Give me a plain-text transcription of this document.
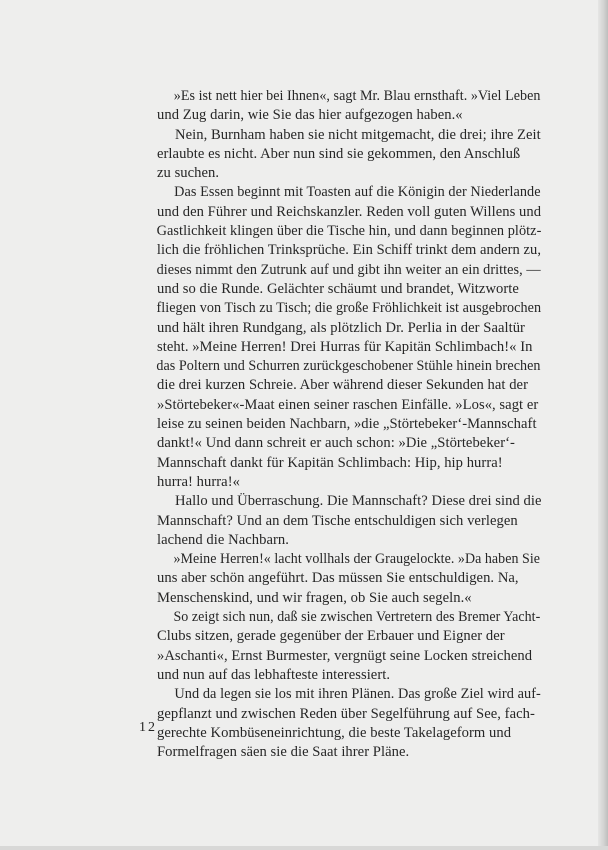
»Es ist nett hier bei Ihnen«, sagt Mr. Blau ernsthaft. »Viel Leben
und Zug darin, wie Sie das hier aufgezogen haben.«

Nein, Burnham haben sie nicht mitgemacht, die drei; ihre Zeit
erlaubte es nicht. Aber nun sind sie gekommen, den Anschluß
zu suchen.

Das Essen beginnt mit Toasten auf die Königin der Niederlande
und den Führer und Reichskanzler. Reden voll guten Willens und
Gastlichkeit klingen über die Tische hin, und dann beginnen plötz-
lich die fröhlichen Trinksprüche. Ein Schiff trinkt dem andern zu,
dieses nimmt den Zutrunk auf und gibt ihn weiter an ein drittes, —
und so die Runde. Gelächter schäumt und brandet, Witzworte
fliegen von Tisch zu Tisch; die große Fröhlichkeit ist ausgebrochen
und hält ihren Rundgang, als plötzlich Dr. Perlia in der Saaltür
steht. »Meine Herren! Drei Hurras für Kapitän Schlimbach!« In
das Poltern und Schurren zurückgeschobener Stühle hinein brechen
die drei kurzen Schreie. Aber während dieser Sekunden hat der
»Störtebeker«-Maat einen seiner raschen Einfälle. »Los«, sagt er
leise zu seinen beiden Nachbarn, »die „Störtebeker‘-Mannschaft
dankt!« Und dann schreit er auch schon: »Die „Störtebeker‘-
Mannschaft dankt für Kapitän Schlimbach: Hip, hip hurra!
hurra! hurra!«

Hallo und Überraschung. Die Mannschaft? Diese drei sind die
Mannschaft? Und an dem Tische entschuldigen sich verlegen
lachend die Nachbarn.

»Meine Herren!« lacht vollhals der Graugelockte. »Da haben Sie
uns aber schön angeführt. Das müssen Sie entschuldigen. Na,
Menschenskind, und wir fragen, ob Sie auch segeln.«

So zeigt sich nun, daß sie zwischen Vertretern des Bremer Yacht-
Clubs sitzen, gerade gegenüber der Erbauer und Eigner der
»Aschanti«, Ernst Burmester, vergnügt seine Locken streichend
und nun auf das lebhafteste interessiert.

Und da legen sie los mit ihren Plänen. Das große Ziel wird auf-
gepflanzt und zwischen Reden über Segelführung auf See, fach-
gerechte Kombüseneinrichtung, die beste Takelageform und
Formelfragen säen sie die Saat ihrer Pläne.

12
